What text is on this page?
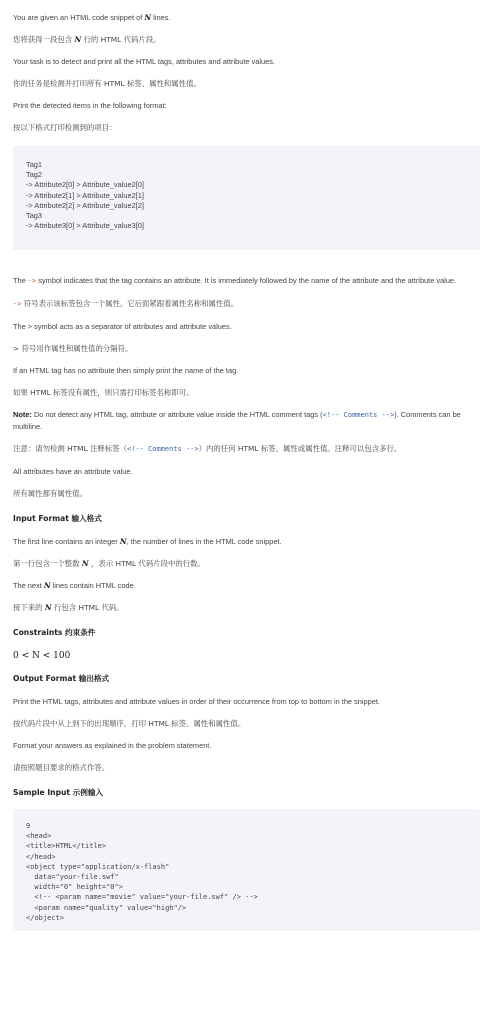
You are given an HTML code snippet of N lines.

您将获得一段包含 N 行的 HTML 代码片段。

Your task is to detect and print all the HTML tags, attributes and attribute values.

你的任务是检测并打印所有 HTML 标签、属性和属性值。

Print the detected items in the following format:

按以下格式打印检测到的项目：

Tag1
Tag2
-> Attribute2[0] > Attribute_value2[0]
-> Attribute2[1] > Attribute_value2[1]
-> Attribute2[2] > Attribute_value2[2]
Tag3
-> Attribute3[0] > Attribute_value3[0]

The -> symbol indicates that the tag contains an attribute. It is immediately followed by the name of the attribute and the attribute value.

-> 符号表示该标签包含一个属性。它后面紧跟着属性名称和属性值。

The > symbol acts as a separator of attributes and attribute values.

> 符号用作属性和属性值的分隔符。

If an HTML tag has no attribute then simply print the name of the tag.

如果 HTML 标签没有属性，则只需打印标签名称即可。

Note: Do not detect any HTML tag, attribute or attribute value inside the HTML comment tags (<!-- Comments -->). Comments can be multiline.

注意：请勿检测 HTML 注释标签（<!-- Comments -->）内的任何 HTML 标签、属性或属性值。注释可以包含多行。

All attributes have an attribute value.

所有属性都有属性值。

Input Format 输入格式

The first line contains an integer N, the number of lines in the HTML code snippet.

第一行包含一个整数 N ，表示 HTML 代码片段中的行数。

The next N lines contain HTML code.

接下来的 N 行包含 HTML 代码。

Constraints 约束条件
0 < N < 100
Output Format 输出格式

Print the HTML tags, attributes and attribute values in order of their occurrence from top to bottom in the snippet.

按代码片段中从上到下的出现顺序，打印 HTML 标签、属性和属性值。

Format your answers as explained in the problem statement.

请按照题目要求的格式作答。

Sample Input 示例输入
9
<head>
<title>HTML</title>
</head>
<object type="application/x-flash"
data="your-file.swf"
width="0" height="0">
<!-- <param name="movie" value="your-file.swf" /> -->
<param name="quality" value="high"/>
</object>
